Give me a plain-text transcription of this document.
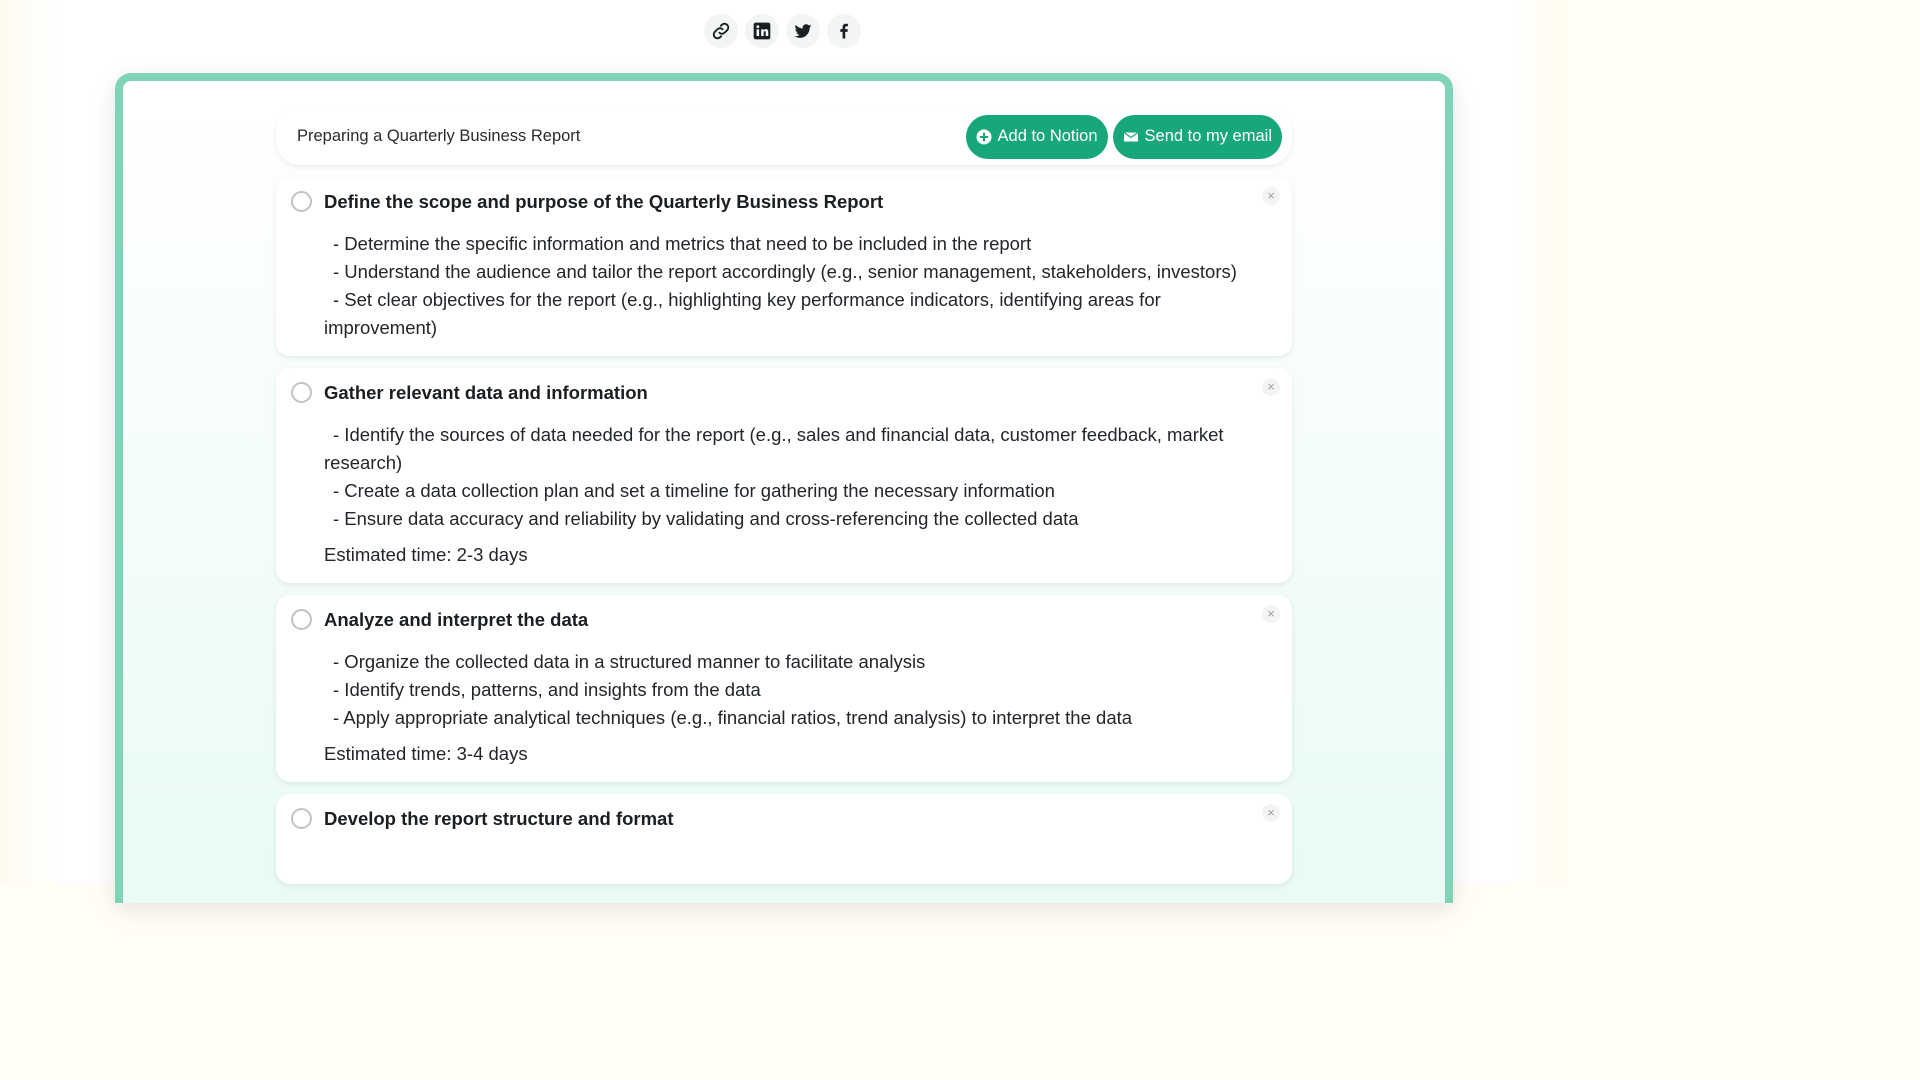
Preparing a Quarterly Business Report	Add to Notion	Send to my email
×
Define the scope and purpose of the Quarterly Business Report
- Determine the specific information and metrics that need to be included in the report
- Understand the audience and tailor the report accordingly (e.g., senior management, stakeholders, investors)
- Set clear objectives for the report (e.g., highlighting key performance indicators, identifying areas for improvement)
×
Gather relevant data and information
- Identify the sources of data needed for the report (e.g., sales and financial data, customer feedback, market research)
- Create a data collection plan and set a timeline for gathering the necessary information
- Ensure data accuracy and reliability by validating and cross-referencing the collected data
Estimated time: 2-3 days
×
Analyze and interpret the data
- Organize the collected data in a structured manner to facilitate analysis
- Identify trends, patterns, and insights from the data
- Apply appropriate analytical techniques (e.g., financial ratios, trend analysis) to interpret the data
Estimated time: 3-4 days
×
Develop the report structure and format
